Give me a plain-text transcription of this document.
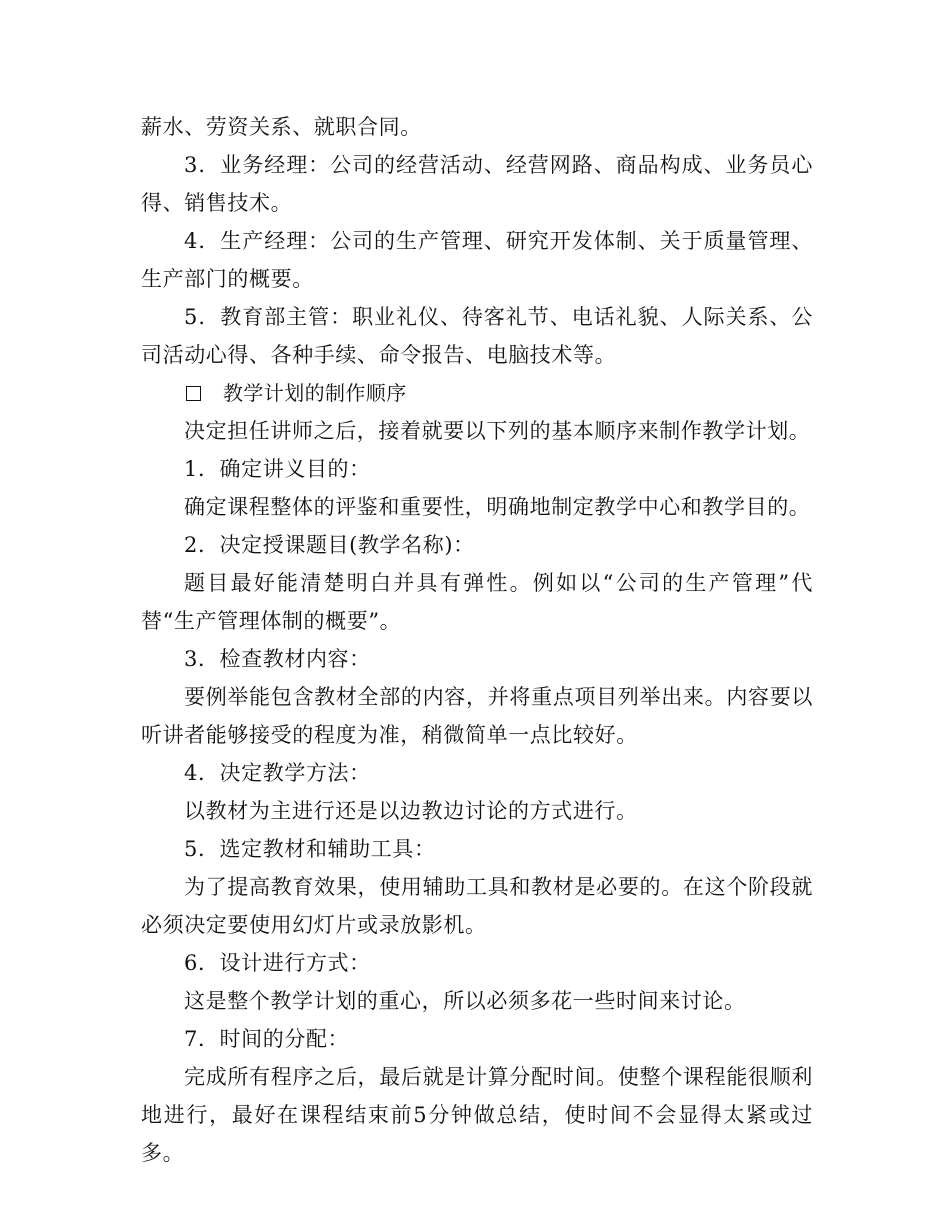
薪水、劳资关系、就职合同。

3．业务经理：公司的经营活动、经营网路、商品构成、业务员心得、销售技术。

4．生产经理：公司的生产管理、研究开发体制、关于质量管理、生产部门的概要。

5．教育部主管：职业礼仪、待客礼节、电话礼貌、人际关系、公司活动心得、各种手续、命令报告、电脑技术等。

教学计划的制作顺序

决定担任讲师之后，接着就要以下列的基本顺序来制作教学计划。

1．确定讲义目的：

确定课程整体的评鉴和重要性，明确地制定教学中心和教学目的。

2．决定授课题目(教学名称)：

题目最好能清楚明白并具有弹性。例如以“公司的生产管理”代替“生产管理体制的概要”。

3．检查教材内容：

要例举能包含教材全部的内容，并将重点项目列举出来。内容要以听讲者能够接受的程度为准，稍微简单一点比较好。

4．决定教学方法：

以教材为主进行还是以边教边讨论的方式进行。

5．选定教材和辅助工具：

为了提高教育效果，使用辅助工具和教材是必要的。在这个阶段就必须决定要使用幻灯片或录放影机。

6．设计进行方式：

这是整个教学计划的重心，所以必须多花一些时间来讨论。

7．时间的分配：

完成所有程序之后，最后就是计算分配时间。使整个课程能很顺利地进行，最好在课程结束前5分钟做总结，使时间不会显得太紧或过多。
